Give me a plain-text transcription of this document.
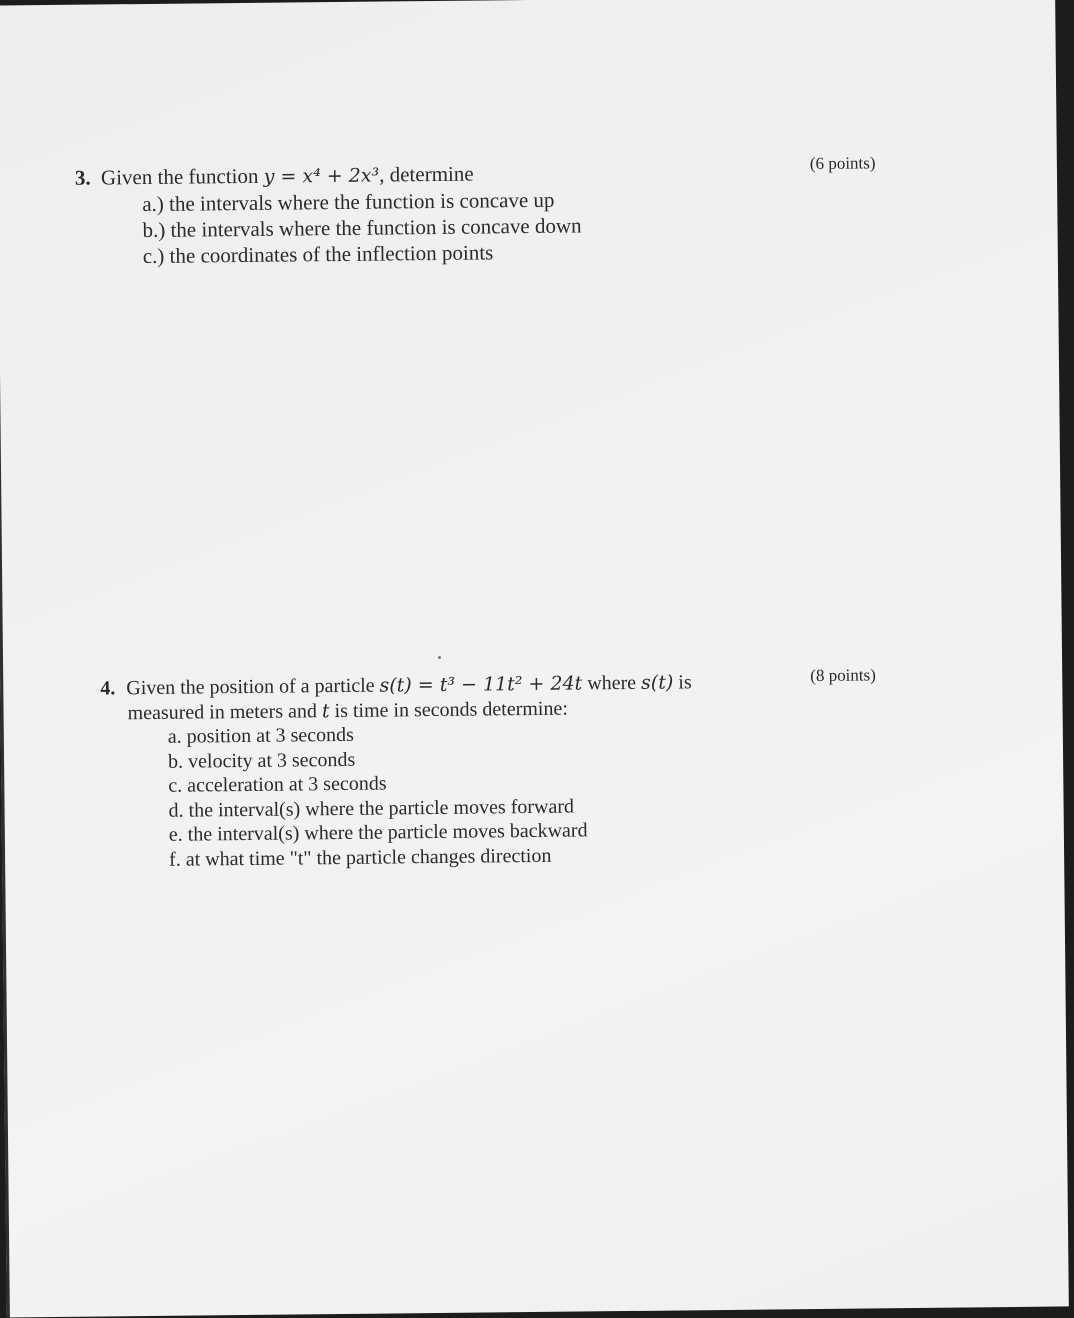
3. Given the function y = x⁴ + 2x³, determine
a.) the intervals where the function is concave up
b.) the intervals where the function is concave down
c.) the coordinates of the inflection points
(6 points)
4. Given the position of a particle s(t) = t³ − 11t² + 24t where s(t) is
measured in meters and t is time in seconds determine:
a. position at 3 seconds
b. velocity at 3 seconds
c. acceleration at 3 seconds
d. the interval(s) where the particle moves forward
e. the interval(s) where the particle moves backward
f. at what time "t" the particle changes direction
(8 points)
